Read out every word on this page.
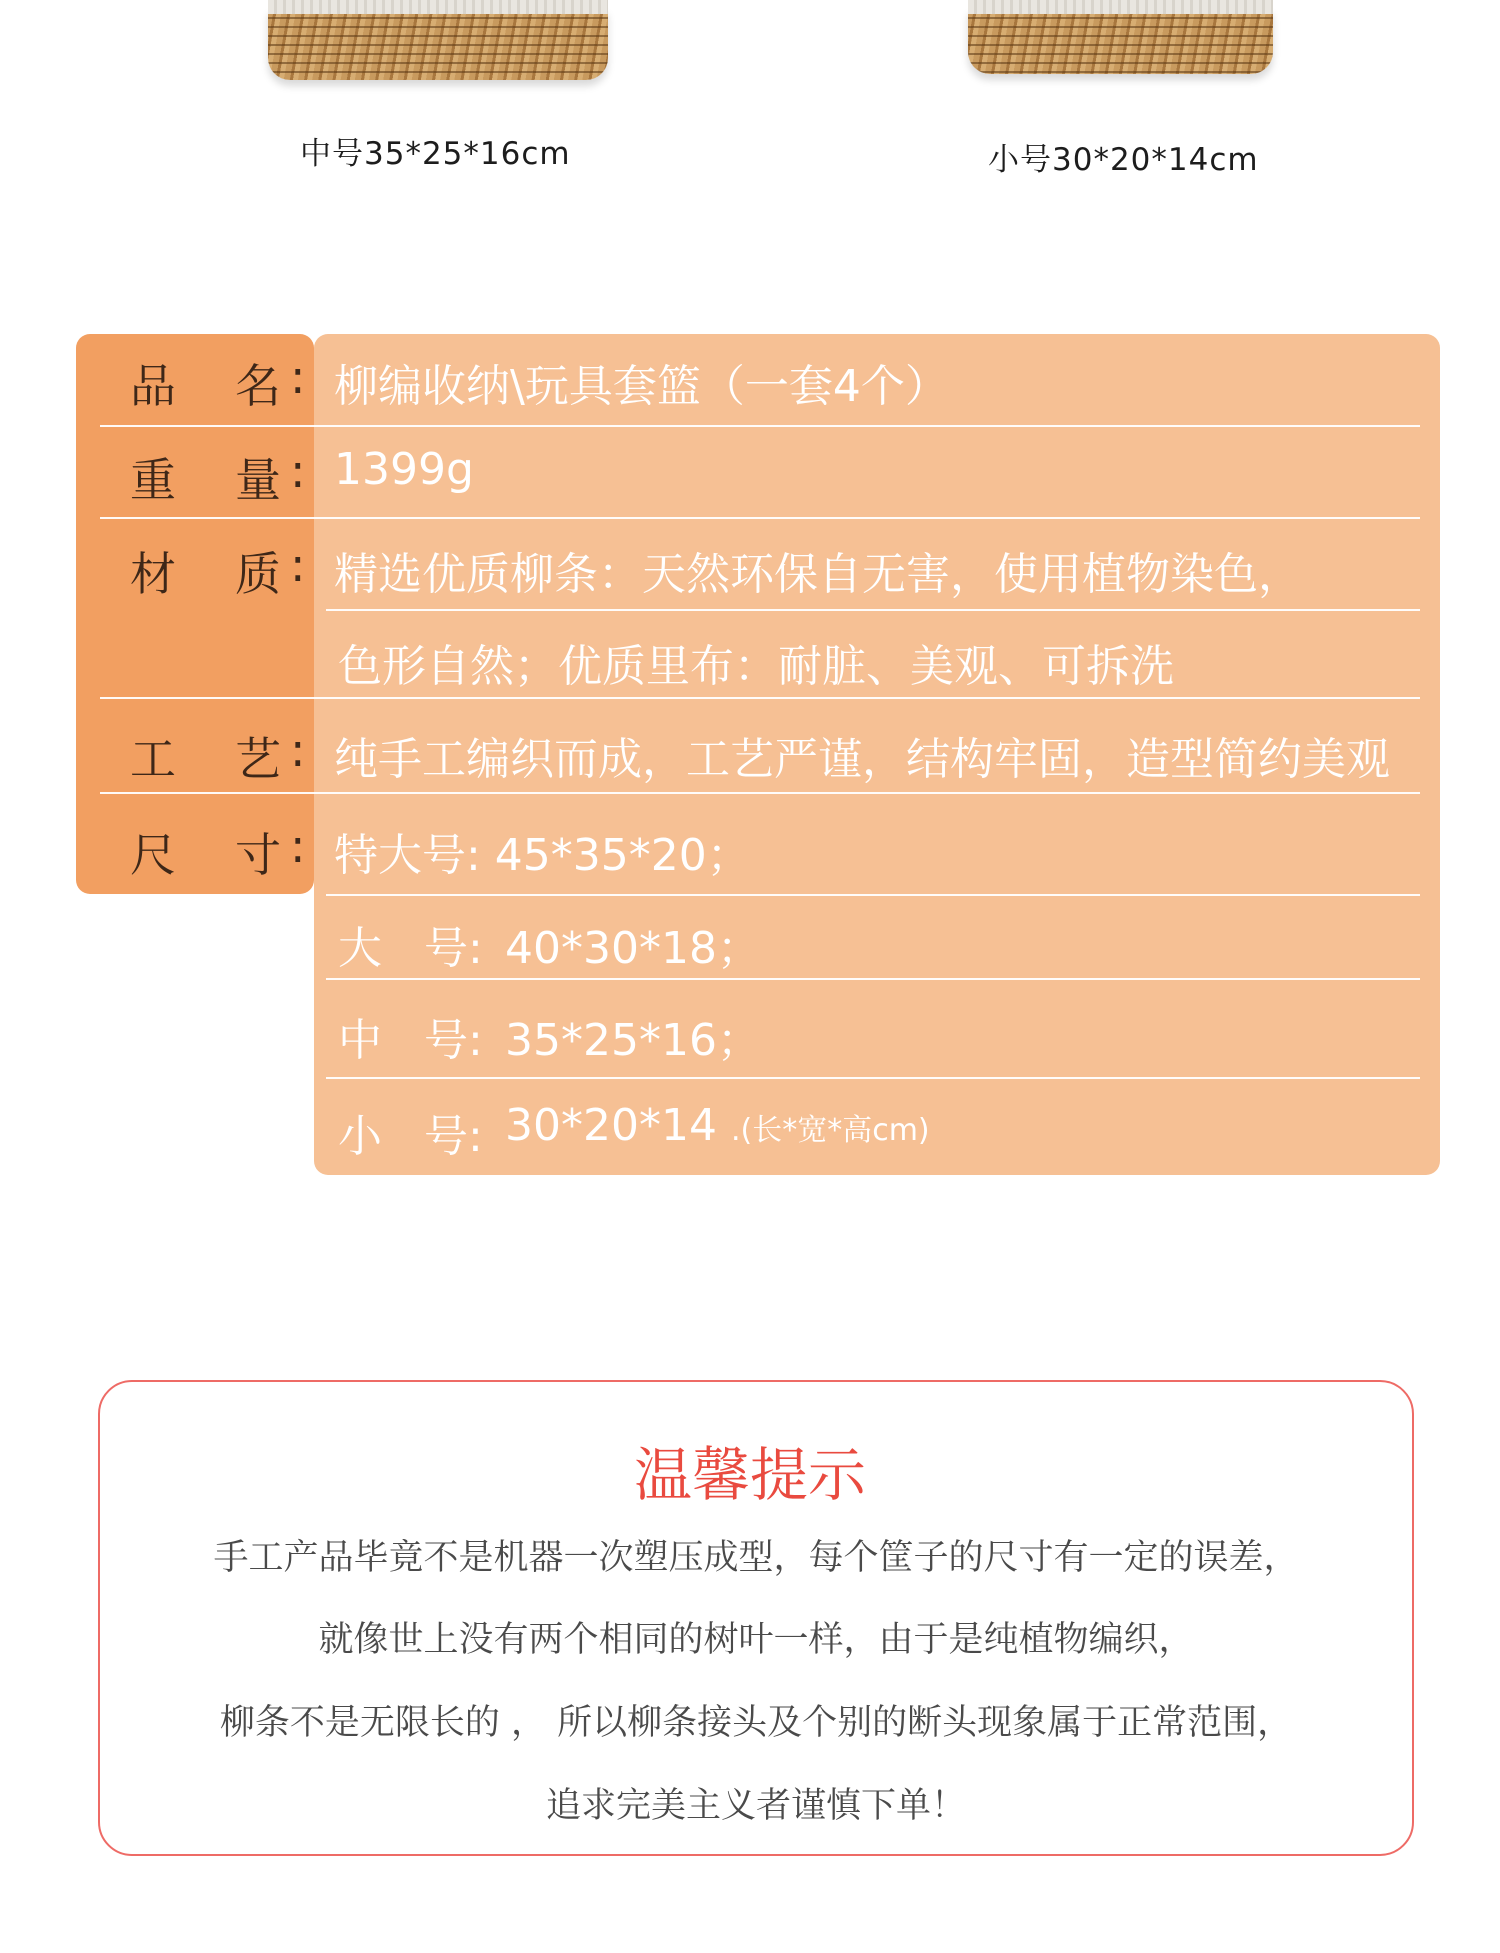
中号35*25*16cm	小号30*20*14cm
品 名 : 柳编收纳\玩具套篮（一套4个）
重 量 : 1399g
材 质 : 精选优质柳条：天然环保自无害，使用植物染色，
色形自然；优质里布：耐脏、美观、可拆洗
工 艺 : 纯手工编织而成，工艺严谨，结构牢固，造型简约美观
尺 寸 : 特大号: 45*35*20；
大 号: 40*30*18；
中 号: 35*25*16；
小 号: 30*20*14 .(长*宽*高cm)
温馨提示
手工产品毕竟不是机器一次塑压成型，每个筐子的尺寸有一定的误差，
就像世上没有两个相同的树叶一样，由于是纯植物编织，
柳条不是无限长的 ， 所以柳条接头及个别的断头现象属于正常范围，
追求完美主义者谨慎下单！
